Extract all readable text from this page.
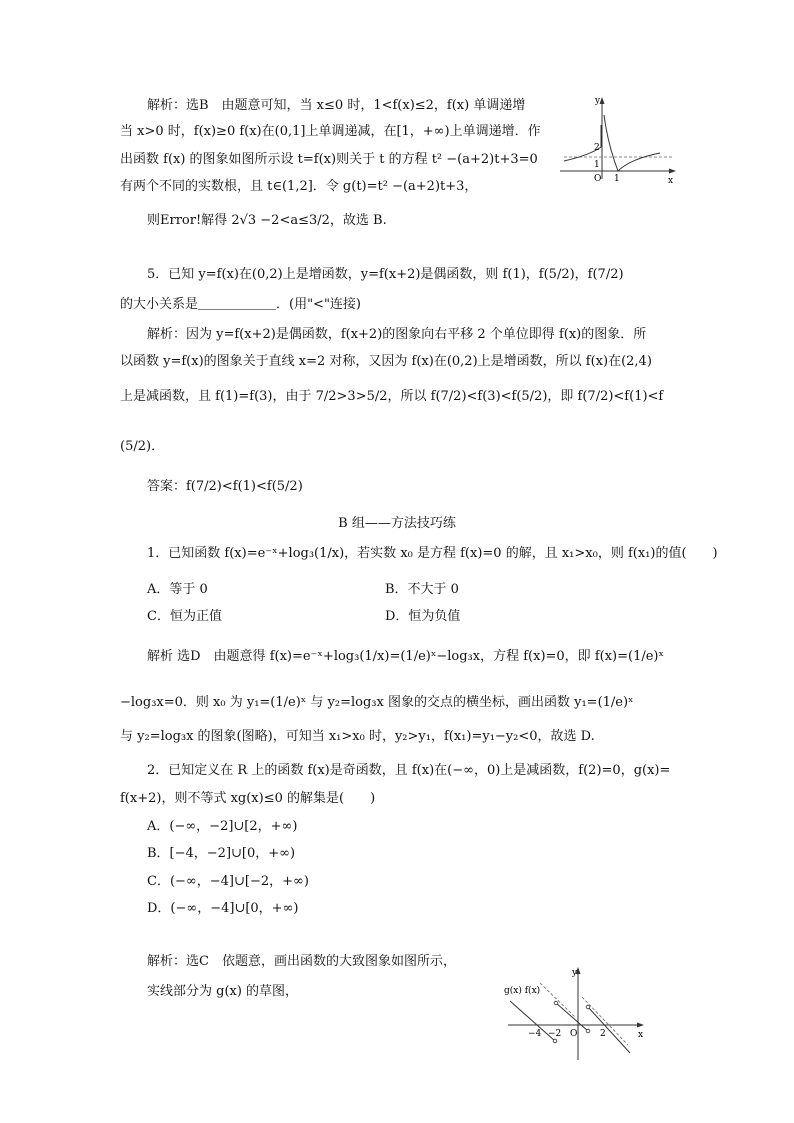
解析：选B　由题意可知，当 x≤0 时，1<f(x)≤2，f(x) 单调递增
当 x>0 时，f(x)≥0 f(x)在(0,1]上单调递减，在[1，+∞)上单调递增．作
出函数 f(x) 的图象如图所示设 t=f(x)则关于 t 的方程 t² −(a+2)t+3=0
有两个不同的实数根，且 t∈(1,2]．令 g(t)=t² −(a+2)t+3，
则Error!解得 2√3 −2<a≤3/2，故选 B.
y
x
O
2
1
1
5．已知 y=f(x)在(0,2)上是增函数，y=f(x+2)是偶函数，则 f(1)，f(5/2)，f(7/2)
的大小关系是＿＿＿＿＿＿．(用"<"连接)
解析：因为 y=f(x+2)是偶函数，f(x+2)的图象向右平移 2 个单位即得 f(x)的图象．所
以函数 y=f(x)的图象关于直线 x=2 对称，又因为 f(x)在(0,2)上是增函数，所以 f(x)在(2,4)
上是减函数，且 f(1)=f(3)，由于 7/2>3>5/2，所以 f(7/2)<f(3)<f(5/2)，即 f(7/2)<f(1)<f
(5/2)．
答案：f(7/2)<f(1)<f(5/2)
B 组——方法技巧练
1．已知函数 f(x)=e⁻ˣ+log₃(1/x)，若实数 x₀ 是方程 f(x)=0 的解，且 x₁>x₀，则 f(x₁)的值(　　)
A．等于 0	B．不大于 0
C．恒为正值	D．恒为负值
解析 选D　由题意得 f(x)=e⁻ˣ+log₃(1/x)=(1/e)ˣ−log₃x，方程 f(x)=0，即 f(x)=(1/e)ˣ
−log₃x=0．则 x₀ 为 y₁=(1/e)ˣ 与 y₂=log₃x 图象的交点的横坐标，画出函数 y₁=(1/e)ˣ
与 y₂=log₃x 的图象(图略)，可知当 x₁>x₀ 时，y₂>y₁，f(x₁)=y₁−y₂<0，故选 D.
2．已知定义在 R 上的函数 f(x)是奇函数，且 f(x)在(−∞，0)上是减函数，f(2)=0，g(x)=
f(x+2)，则不等式 xg(x)≤0 的解集是(　　)
A．(−∞，−2]∪[2，+∞)
B．[−4，−2]∪[0，+∞)
C．(−∞，−4]∪[−2，+∞)
D．(−∞，−4]∪[0，+∞)
解析：选C　依题意，画出函数的大致图象如图所示，
实线部分为 g(x) 的草图，
y
x
O
g(x) f(x)
−4 −2	2
